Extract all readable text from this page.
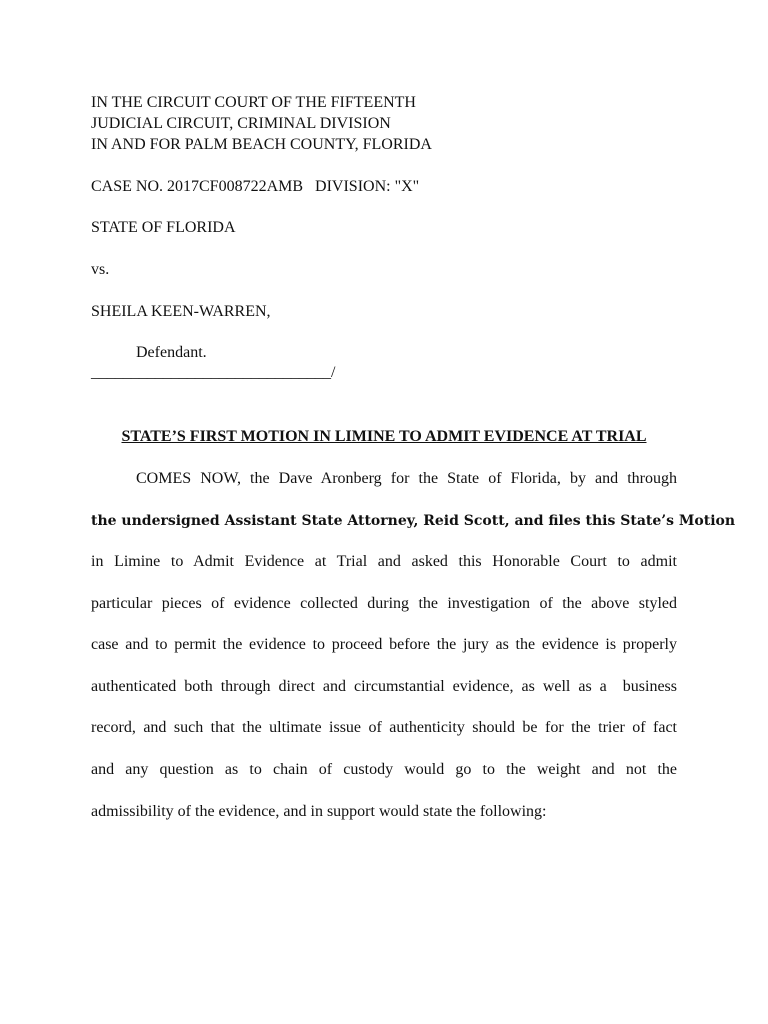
IN THE CIRCUIT COURT OF THE FIFTEENTH
JUDICIAL CIRCUIT, CRIMINAL DIVISION
IN AND FOR PALM BEACH COUNTY, FLORIDA
CASE NO. 2017CF008722AMB   DIVISION: "X"
STATE OF FLORIDA
vs.
SHEILA KEEN-WARREN,
Defendant.
______________________________/
STATE’S FIRST MOTION IN LIMINE TO ADMIT EVIDENCE AT TRIAL
COMES NOW, the Dave Aronberg for the State of Florida, by and through
the undersigned Assistant State Attorney, Reid Scott, and files this State’s Motion
in Limine to Admit Evidence at Trial and asked this Honorable Court to admit
particular pieces of evidence collected during the investigation of the above styled
case and to permit the evidence to proceed before the jury as the evidence is properly
authenticated both through direct and circumstantial evidence, as well as a  business
record, and such that the ultimate issue of authenticity should be for the trier of fact
and any question as to chain of custody would go to the weight and not the
admissibility of the evidence, and in support would state the following:
